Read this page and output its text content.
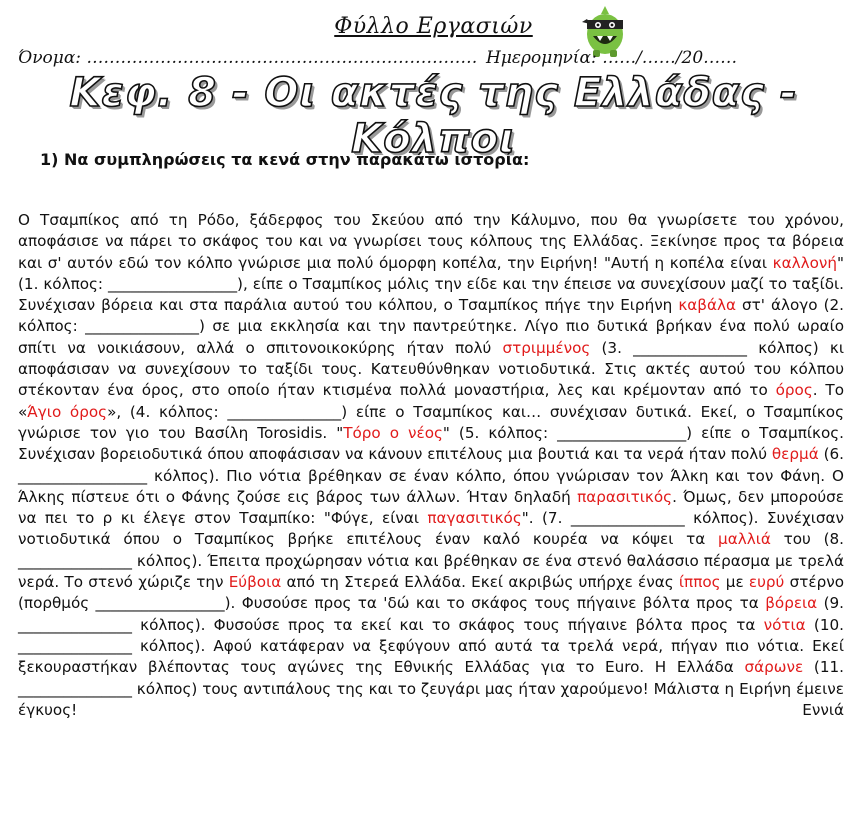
Φύλλο Εργασιών
Όνομα: …………………………………………………………… Ημερομηνία: ……/……/20……
Κεφ. 8 - Οι ακτές της Ελλάδας - Κόλποι
1) Να συμπληρώσεις τα κενά στην παρακάτω ιστορία:

Ο Τσαμπίκος από τη Ρόδο, ξάδερφος του Σκεύου από την Κάλυμνο, που θα γνωρίσετε του χρόνου, αποφάσισε να πάρει το σκάφος του και να γνωρίσει τους κόλπους της Ελλάδας. Ξεκίνησε προς τα βόρεια και σ' αυτόν εδώ τον κόλπο γνώρισε μια πολύ όμορφη κοπέλα, την Ειρήνη! "Αυτή η κοπέλα είναι καλλονή" (1. κόλπος: _________________), είπε ο Τσαμπίκος μόλις την είδε και την έπεισε να συνεχίσουν μαζί το ταξίδι. Συνέχισαν βόρεια και στα παράλια αυτού του κόλπου, ο Τσαμπίκος πήγε την Ειρήνη καβάλα στ' άλογο (2. κόλπος: _______________) σε μια εκκλησία και την παντρεύτηκε. Λίγο πιο δυτικά βρήκαν ένα πολύ ωραίο σπίτι να νοικιάσουν, αλλά ο σπιτονοικοκύρης ήταν πολύ στριμμένος (3. _______________ κόλπος) κι αποφάσισαν να συνεχίσουν το ταξίδι τους. Κατευθύνθηκαν νοτιοδυτικά. Στις ακτές αυτού του κόλπου στέκονταν ένα όρος, στο οποίο ήταν κτισμένα πολλά μοναστήρια, λες και κρέμονταν από το όρος. Το «Άγιο όρος», (4. κόλπος: _______________) είπε ο Τσαμπίκος και… συνέχισαν δυτικά. Εκεί, ο Τσαμπίκος γνώρισε τον γιο του Βασίλη Torosidis. "Τόρο ο νέος" (5. κόλπος: _________________) είπε ο Τσαμπίκος. Συνέχισαν βορειοδυτικά όπου αποφάσισαν να κάνουν επιτέλους μια βουτιά και τα νερά ήταν πολύ θερμά (6. _________________ κόλπος). Πιο νότια βρέθηκαν σε έναν κόλπο, όπου γνώρισαν τον Άλκη και τον Φάνη. Ο Άλκης πίστευε ότι ο Φάνης ζούσε εις βάρος των άλλων. Ήταν δηλαδή παρασιτικός. Όμως, δεν μπορούσε να πει το ρ κι έλεγε στον Τσαμπίκο: "Φύγε, είναι παγασιτικός". (7. _______________ κόλπος). Συνέχισαν νοτιοδυτικά όπου ο Τσαμπίκος βρήκε επιτέλους έναν καλό κουρέα να κόψει τα μαλλιά του (8. _______________ κόλπος). Έπειτα προχώρησαν νότια και βρέθηκαν σε ένα στενό θαλάσσιο πέρασμα με τρελά νερά. Το στενό χώριζε την Εύβοια από τη Στερεά Ελλάδα. Εκεί ακριβώς υπήρχε ένας ίππος με ευρύ στέρνο (πορθμός _________________). Φυσούσε προς τα 'δώ και το σκάφος τους πήγαινε βόλτα προς τα βόρεια (9. _______________ κόλπος). Φυσούσε προς τα εκεί και το σκάφος τους πήγαινε βόλτα προς τα νότια (10. _______________ κόλπος). Αφού κατάφεραν να ξεφύγουν από αυτά τα τρελά νερά, πήγαν πιο νότια. Εκεί ξεκουραστήκαν βλέποντας τους αγώνες της Εθνικής Ελλάδας για το Euro. Η Ελλάδα σάρωνε (11. _______________ κόλπος) τους αντιπάλους της και το ζευγάρι μας ήταν χαρούμενο! Μάλιστα η Ειρήνη έμεινε έγκυος! Εννιά
